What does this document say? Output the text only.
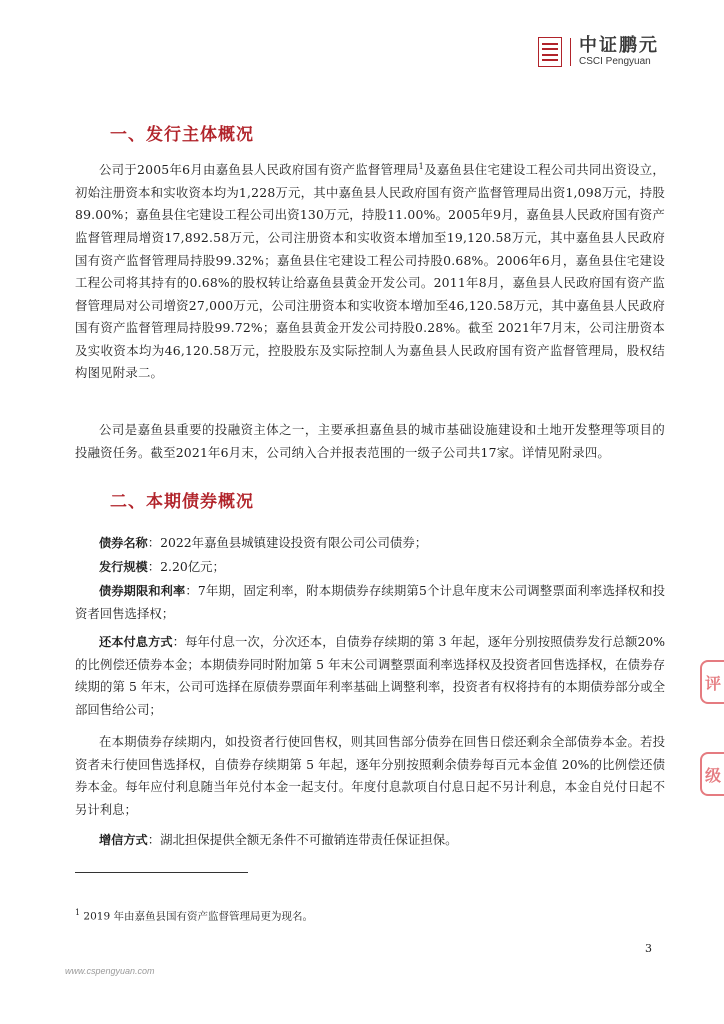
中证鹏元
CSCI Pengyuan
一、发行主体概况
公司于2005年6月由嘉鱼县人民政府国有资产监督管理局$^1$及嘉鱼县住宅建设工程公司共同出资设立，初始注册资本和实收资本均为1,228万元，其中嘉鱼县人民政府国有资产监督管理局出资1,098万元，持股89.00%；嘉鱼县住宅建设工程公司出资130万元，持股11.00%。2005年9月，嘉鱼县人民政府国有资产监督管理局增资17,892.58万元，公司注册资本和实收资本增加至19,120.58万元，其中嘉鱼县人民政府国有资产监督管理局持股99.32%；嘉鱼县住宅建设工程公司持股0.68%。2006年6月，嘉鱼县住宅建设工程公司将其持有的0.68%的股权转让给嘉鱼县黄金开发公司。2011年8月，嘉鱼县人民政府国有资产监督管理局对公司增资27,000万元，公司注册资本和实收资本增加至46,120.58万元，其中嘉鱼县人民政府国有资产监督管理局持股99.72%；嘉鱼县黄金开发公司持股0.28%。截至 2021年7月末，公司注册资本及实收资本均为46,120.58万元，控股股东及实际控制人为嘉鱼县人民政府国有资产监督管理局，股权结构图见附录二。
公司是嘉鱼县重要的投融资主体之一，主要承担嘉鱼县的城市基础设施建设和土地开发整理等项目的投融资任务。截至2021年6月末，公司纳入合并报表范围的一级子公司共17家。详情见附录四。
二、本期债券概况
债券名称：2022年嘉鱼县城镇建设投资有限公司公司债券；
发行规模：2.20亿元；
债券期限和利率：7年期，固定利率，附本期债券存续期第5个计息年度末公司调整票面利率选择权和投资者回售选择权；
还本付息方式：每年付息一次，分次还本，自债券存续期的第 3 年起，逐年分别按照债券发行总额20%的比例偿还债券本金；本期债券同时附加第 5 年末公司调整票面利率选择权及投资者回售选择权，在债券存续期的第 5 年末，公司可选择在原债券票面年利率基础上调整利率，投资者有权将持有的本期债券部分或全部回售给公司；
在本期债券存续期内，如投资者行使回售权，则其回售部分债券在回售日偿还剩余全部债券本金。若投资者未行使回售选择权，自债券存续期第 5 年起，逐年分别按照剩余债券每百元本金值 20%的比例偿还债券本金。每年应付利息随当年兑付本金一起支付。年度付息款项自付息日起不另计利息，本金自兑付日起不另计利息；
增信方式：湖北担保提供全额无条件不可撤销连带责任保证担保。
$^1$ 2019 年由嘉鱼县国有资产监督管理局更为现名。
3
www.cspengyuan.com
评
级
